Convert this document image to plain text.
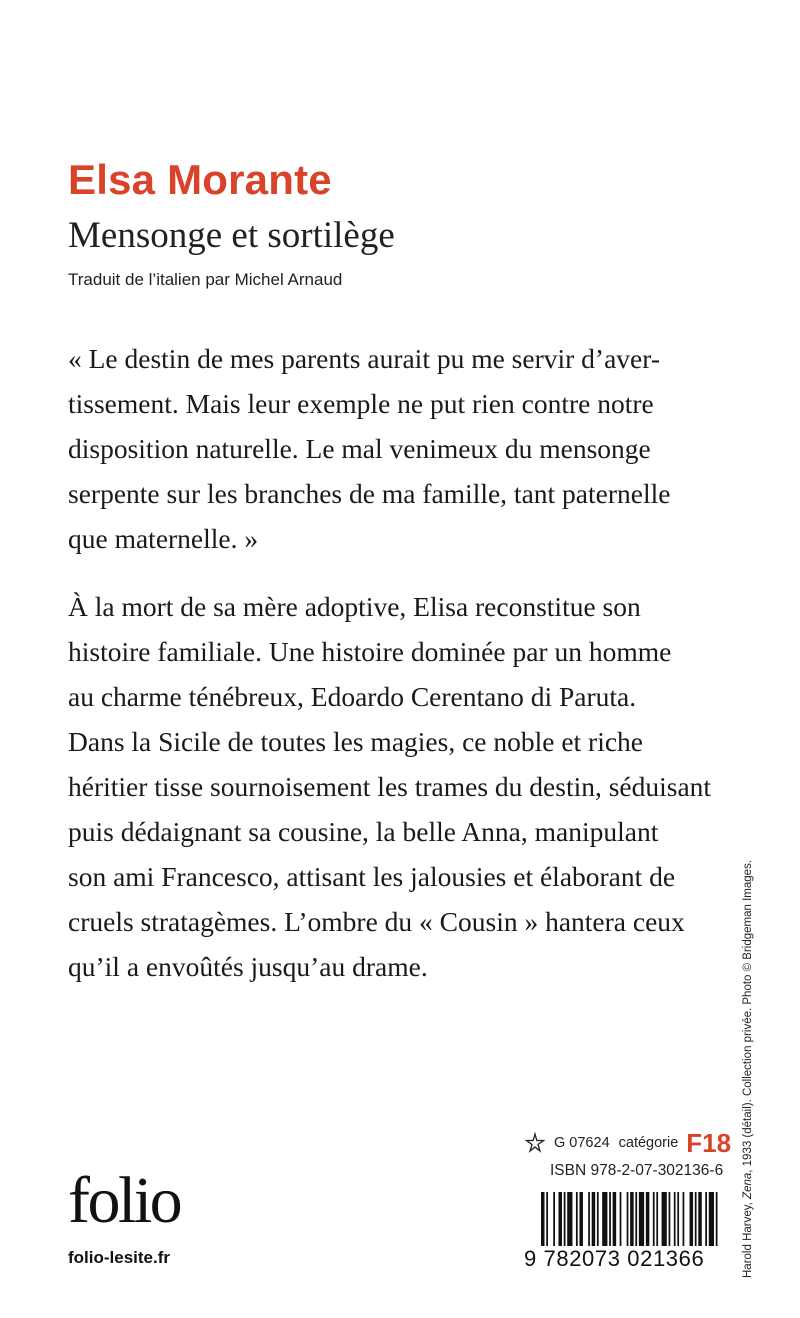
Elsa Morante
Mensonge et sortilège
Traduit de l’italien par Michel Arnaud
« Le destin de mes parents aurait pu me servir d’aver-
tissement. Mais leur exemple ne put rien contre notre
disposition naturelle. Le mal venimeux du mensonge
serpente sur les branches de ma famille, tant paternelle
que maternelle. »
À la mort de sa mère adoptive, Elisa reconstitue son
histoire familiale. Une histoire dominée par un homme
au charme ténébreux, Edoardo Cerentano di Paruta.
Dans la Sicile de toutes les magies, ce noble et riche
héritier tisse sournoisement les trames du destin, séduisant
puis dédaignant sa cousine, la belle Anna, manipulant
son ami Francesco, attisant les jalousies et élaborant de
cruels stratagèmes. L’ombre du « Cousin » hantera ceux
qu’il a envoûtés jusqu’au drame.
Harold Harvey, Zena, 1933 (détail). Collection privée. Photo © Bridgeman Images.
G 07624 catégorie F18
ISBN 978-2-07-302136-6
9 782073 021366
folio
folio-lesite.fr
